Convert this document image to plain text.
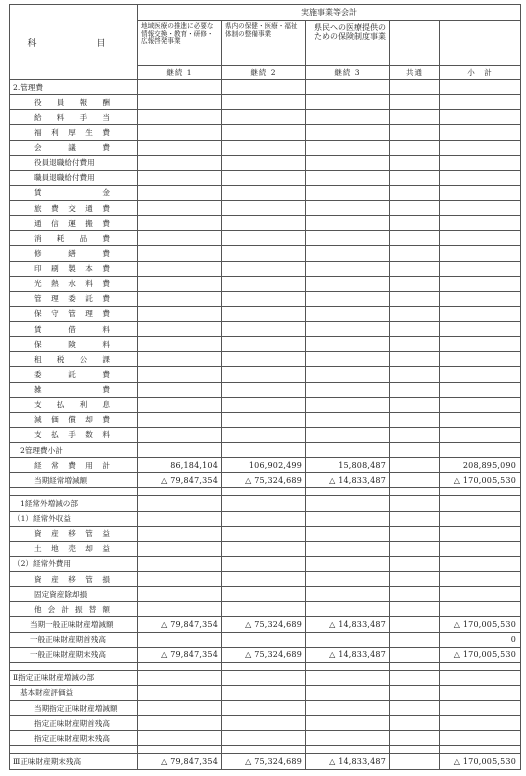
科　　目	実施事業等会計				
	地域医療の推進に必要な情報交換・教育・研修・広報啓発事業	県内の保健・医療・福祉体制の整備事業	県民への医療提供のための保険制度事業		
	継続 1	継続 2	継続 3	共通	小　計
2.管理費					
役員報酬					
給料手当					
福利厚生費					
会議費					
役員退職給付費用					
職員退職給付費用					
賃金					
旅費交通費					
通信運搬費					
消耗品費					
修繕費					
印刷製本費					
光熱水料費					
管理委託費					
保守管理費					
賃借料					
保険料					
租税公課					
委託費					
雑費					
支払利息					
減価償却費					
支払手数料					
2管理費小計					
経常費用計	86,184,104	106,902,499	15,808,487		208,895,090
当期経常増減額	△ 79,847,354	△ 75,324,689	△ 14,833,487		△ 170,005,530

1経常外増減の部					
（1）経常外収益					
資産移管益					
土地売却益					
（2）経常外費用					
資産移管損					
固定資産除却損					
他会計振替額					
当期一般正味財産増減額	△ 79,847,354	△ 75,324,689	△ 14,833,487		△ 170,005,530
一般正味財産期首残高					0
一般正味財産期末残高	△ 79,847,354	△ 75,324,689	△ 14,833,487		△ 170,005,530

Ⅱ指定正味財産増減の部					
基本財産評価益					
当期指定正味財産増減額					
指定正味財産期首残高					
指定正味財産期末残高					

Ⅲ正味財産期末残高	△ 79,847,354	△ 75,324,689	△ 14,833,487		△ 170,005,530
